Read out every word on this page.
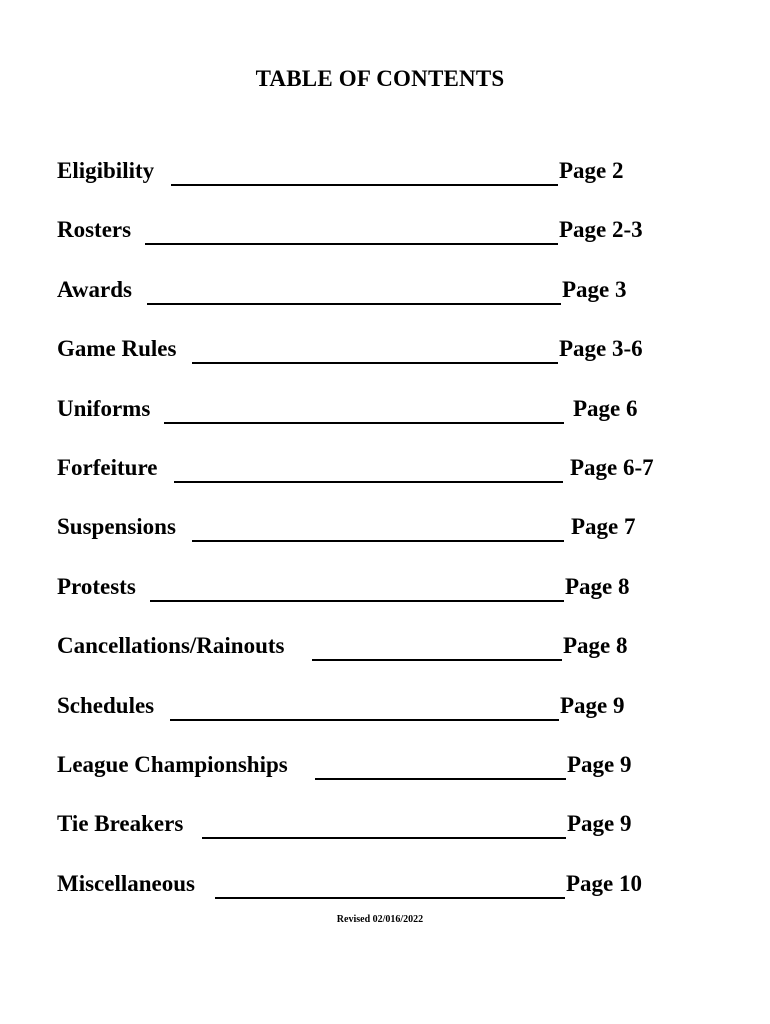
TABLE OF CONTENTS
Eligibility	Page 2
Rosters	Page 2-3
Awards	Page 3
Game Rules	Page 3-6
Uniforms	Page 6
Forfeiture	Page 6-7
Suspensions	Page 7
Protests	Page 8
Cancellations/Rainouts	Page 8
Schedules	Page 9
League Championships	Page 9
Tie Breakers	Page 9
Miscellaneous	Page 10
Revised 02/016/2022
